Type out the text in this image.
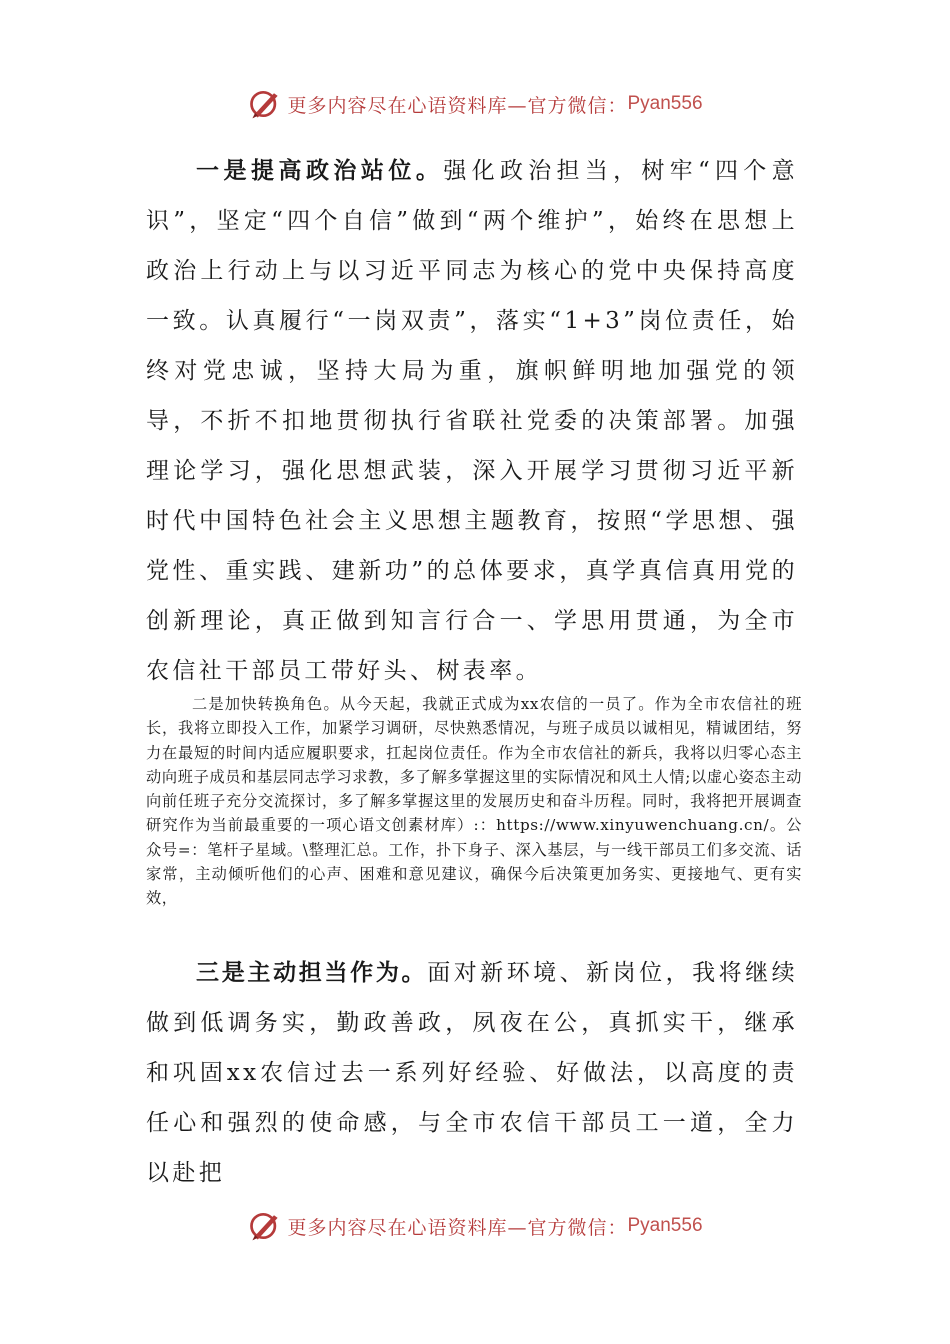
更多内容尽在心语资料库—官方微信： Pyan556

一是提高政治站位。强化政治担当，树牢“四个意识”，坚定“四个自信”做到“两个维护”，始终在思想上政治上行动上与以习近平同志为核心的党中央保持高度一致。认真履行“一岗双责”，落实“1+3”岗位责任，始终对党忠诚，坚持大局为重，旗帜鲜明地加强党的领导，不折不扣地贯彻执行省联社党委的决策部署。加强理论学习，强化思想武装，深入开展学习贯彻习近平新时代中国特色社会主义思想主题教育，按照“学思想、强党性、重实践、建新功”的总体要求，真学真信真用党的创新理论，真正做到知言行合一、学思用贯通，为全市农信社干部员工带好头、树表率。

二是加快转换角色。从今天起，我就正式成为xx农信的一员了。作为全市农信社的班长，我将立即投入工作，加紧学习调研，尽快熟悉情况，与班子成员以诚相见，精诚团结，努力在最短的时间内适应履职要求，扛起岗位责任。作为全市农信社的新兵，我将以归零心态主动向班子成员和基层同志学习求教，多了解多掌握这里的实际情况和风土人情;以虚心姿态主动向前任班子充分交流探讨，多了解多掌握这里的发展历史和奋斗历程。同时，我将把开展调查研究作为当前最重要的一项心语文创素材库）:：https://www.xinyuwenchuang.cn/。公众号=：笔杆子星域。\整理汇总。工作，扑下身子、深入基层，与一线干部员工们多交流、话家常，主动倾听他们的心声、困难和意见建议，确保今后决策更加务实、更接地气、更有实效，

三是主动担当作为。面对新环境、新岗位，我将继续做到低调务实，勤政善政，夙夜在公，真抓实干，继承和巩固xx农信过去一系列好经验、好做法，以高度的责任心和强烈的使命感，与全市农信干部员工一道，全力以赴把

更多内容尽在心语资料库—官方微信： Pyan556
